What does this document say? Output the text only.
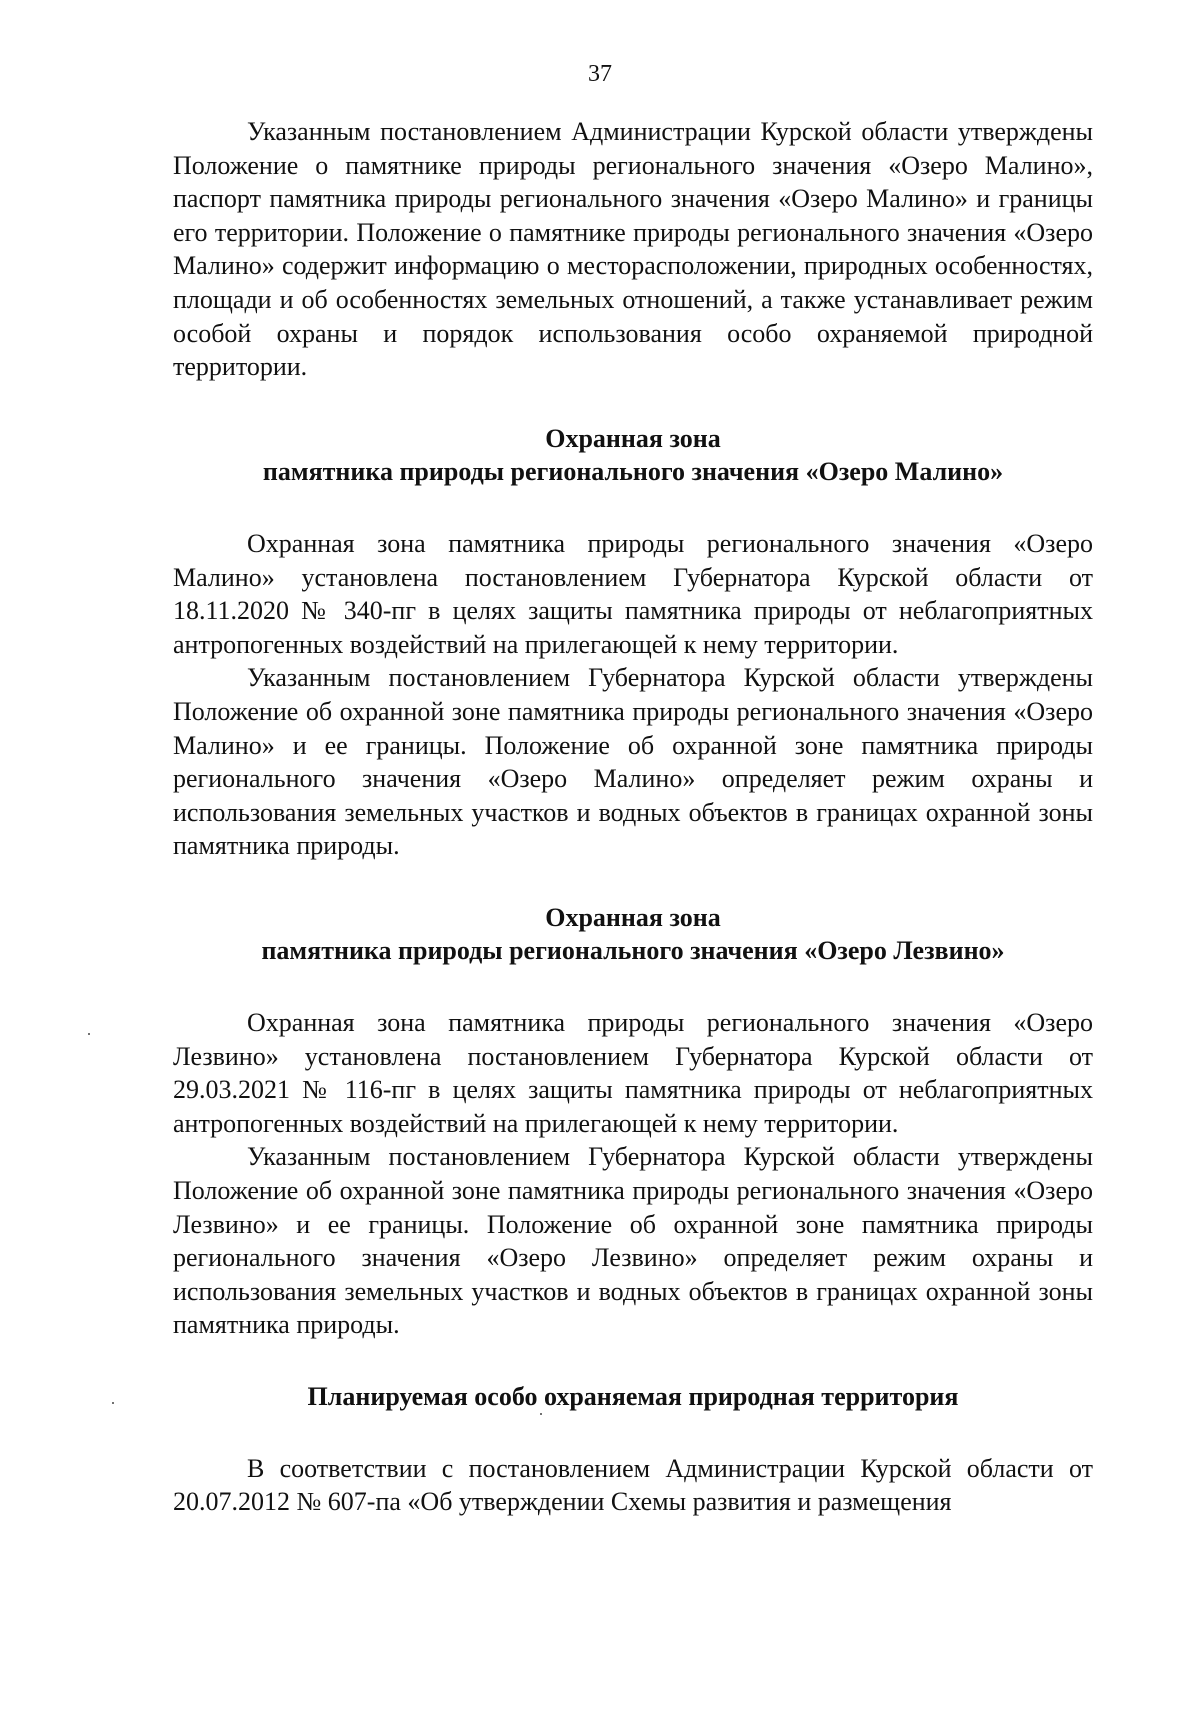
37

Указанным постановлением Администрации Курской области утверждены Положение о памятнике природы регионального значения «Озеро Малино», паспорт памятника природы регионального значения «Озеро Малино» и границы его территории. Положение о памятнике природы регионального значения «Озеро Малино» содержит информацию о месторасположении, природных особенностях, площади и об особенностях земельных отношений, а также устанавливает режим особой охраны и порядок использования особо охраняемой природной территории.

Охранная зона

памятника природы регионального значения «Озеро Малино»

Охранная зона памятника природы регионального значения «Озеро Малино» установлена постановлением Губернатора Курской области от 18.11.2020 № 340-пг в целях защиты памятника природы от неблагоприятных антропогенных воздействий на прилегающей к нему территории.

Указанным постановлением Губернатора Курской области утверждены Положение об охранной зоне памятника природы регионального значения «Озеро Малино» и ее границы. Положение об охранной зоне памятника природы регионального значения «Озеро Малино» определяет режим охраны и использования земельных участков и водных объектов в границах охранной зоны памятника природы.

Охранная зона

памятника природы регионального значения «Озеро Лезвино»

Охранная зона памятника природы регионального значения «Озеро Лезвино» установлена постановлением Губернатора Курской области от 29.03.2021 № 116-пг в целях защиты памятника природы от неблагоприятных антропогенных воздействий на прилегающей к нему территории.

Указанным постановлением Губернатора Курской области утверждены Положение об охранной зоне памятника природы регионального значения «Озеро Лезвино» и ее границы. Положение об охранной зоне памятника природы регионального значения «Озеро Лезвино» определяет режим охраны и использования земельных участков и водных объектов в границах охранной зоны памятника природы.

Планируемая особо охраняемая природная территория

В соответствии с постановлением Администрации Курской области от 20.07.2012 № 607-па «Об утверждении Схемы развития и размещения
